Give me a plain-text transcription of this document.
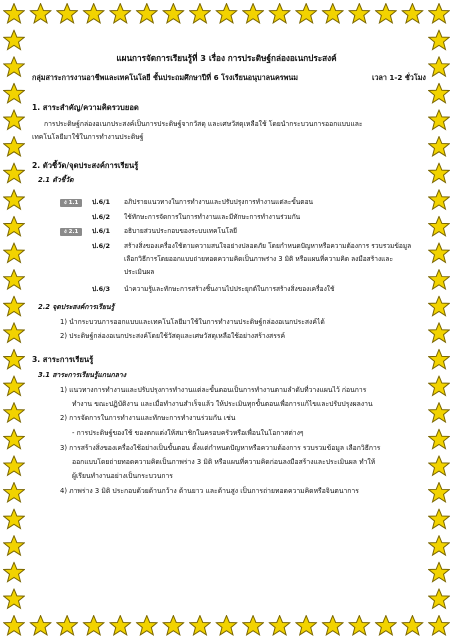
แผนการจัดการเรียนรู้ที่ 3 เรื่อง การประดิษฐ์กล่องอเนกประสงค์
กลุ่มสาระการงานอาชีพและเทคโนโลยี ชั้นประถมศึกษาปีที่ 6 โรงเรียนอนุบาลนครพนม	เวลา 1-2 ชั่วโมง
1. สาระสำคัญ/ความคิดรวบยอด
การประดิษฐ์กล่องอเนกประสงค์เป็นการประดิษฐ์จากวัสดุ และเศษวัสดุเหลือใช้ โดยนำกระบวนการออกแบบและ
เทคโนโลยีมาใช้ในการทำงานประดิษฐ์
2. ตัวชี้วัด/จุดประสงค์การเรียนรู้
2.1 ตัวชี้วัด
ง 1.1	ป.6/1 อภิปรายแนวทางในการทำงานและปรับปรุงการทำงานแต่ละขั้นตอน
ป.6/2 ใช้ทักษะการจัดการในการทำงานและมีทักษะการทำงานร่วมกัน
ง 2.1	ป.6/1 อธิบายส่วนประกอบของระบบเทคโนโลยี
ป.6/2 สร้างสิ่งของเครื่องใช้ตามความสนใจอย่างปลอดภัย โดยกำหนดปัญหาหรือความต้องการ รวบรวมข้อมูล
เลือกวิธีการโดยออกแบบถ่ายทอดความคิดเป็นภาพร่าง 3 มิติ หรือแผนที่ความคิด ลงมือสร้างและ
ประเมินผล
ป.6/3 นำความรู้และทักษะการสร้างชิ้นงานไปประยุกต์ในการสร้างสิ่งของเครื่องใช้
2.2 จุดประสงค์การเรียนรู้
1) นำกระบวนการออกแบบและเทคโนโลยีมาใช้ในการทำงานประดิษฐ์กล่องอเนกประสงค์ได้
2) ประดิษฐ์กล่องอเนกประสงค์โดยใช้วัสดุและเศษวัสดุเหลือใช้อย่างสร้างสรรค์
3. สาระการเรียนรู้
3.1 สาระการเรียนรู้แกนกลาง
1) แนวทางการทำงานและปรับปรุงการทำงานแต่ละขั้นตอนเป็นการทำงานตามลำดับที่วางแผนไว้ ก่อนการ
ทำงาน ขณะปฏิบัติงาน และเมื่อทำงานสำเร็จแล้ว ให้ประเมินทุกขั้นตอนเพื่อการแก้ไขและปรับปรุงผลงาน
2) การจัดการในการทำงานและทักษะการทำงานร่วมกัน เช่น
- การประดิษฐ์ของใช้ ของตกแต่งให้สมาชิกในครอบครัวหรือเพื่อนในโอกาสต่างๆ
3) การสร้างสิ่งของเครื่องใช้อย่างเป็นขั้นตอน ตั้งแต่กำหนดปัญหาหรือความต้องการ รวบรวมข้อมูล เลือกวิธีการ
ออกแบบโดยถ่ายทอดความคิดเป็นภาพร่าง 3 มิติ หรือแผนที่ความคิดก่อนลงมือสร้างและประเมินผล ทำให้
ผู้เรียนทำงานอย่างเป็นกระบวนการ
4) ภาพร่าง 3 มิติ ประกอบด้วยด้านกว้าง ด้านยาว และด้านสูง เป็นการถ่ายทอดความคิดหรือจินตนาการ
